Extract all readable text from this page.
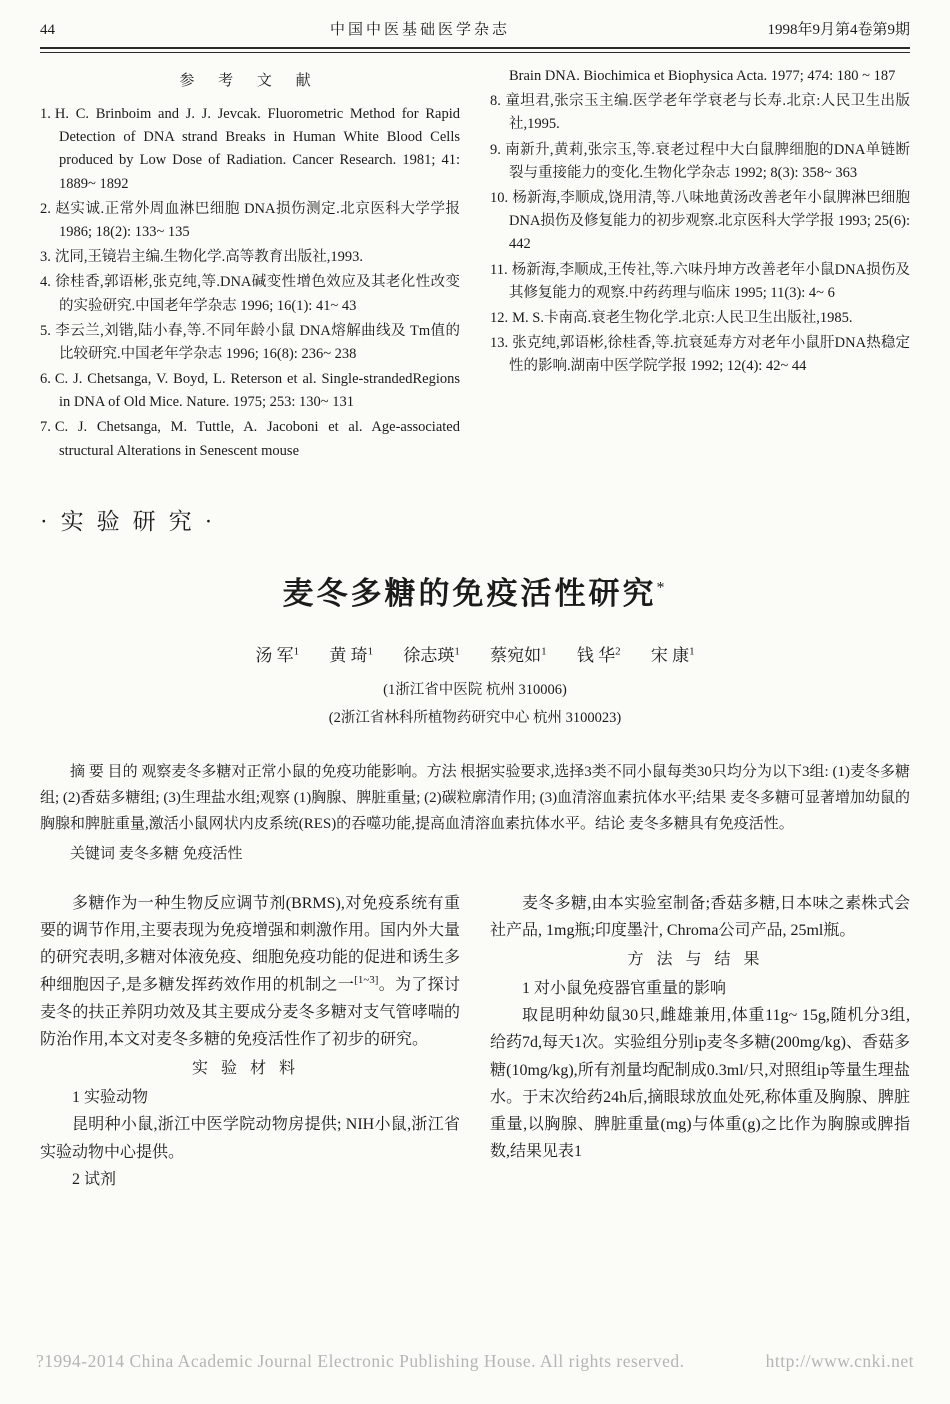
44	中国中医基础医学杂志	1998年9月第4卷第9期
参 考 文 献
1. H. C. Brinboim and J. J. Jevcak. Fluorometric Method for Rapid Detection of DNA strand Breaks in Human White Blood Cells produced by Low Dose of Radiation. Cancer Research. 1981; 41: 1889~ 1892
2. 赵实诚.正常外周血淋巴细胞 DNA损伤测定.北京医科大学学报 1986; 18(2): 133~ 135
3. 沈同,王镜岩主编.生物化学.高等教育出版社,1993.
4. 徐桂香,郭语彬,张克纯,等.DNA碱变性增色效应及其老化性改变的实验研究.中国老年学杂志 1996; 16(1): 41~ 43
5. 李云兰,刘锴,陆小春,等.不同年龄小鼠 DNA熔解曲线及 Tm值的比较研究.中国老年学杂志 1996; 16(8): 236~ 238
6. C. J. Chetsanga, V. Boyd, L. Reterson et al. Single-strandedRegions in DNA of Old Mice. Nature. 1975; 253: 130~ 131
7. C. J. Chetsanga, M. Tuttle, A. Jacoboni et al. Age-associated structural Alterations in Senescent mouse
Brain DNA. Biochimica et Biophysica Acta. 1977; 474: 180 ~ 187
8. 童坦君,张宗玉主编.医学老年学衰老与长寿.北京:人民卫生出版社,1995.
9. 南新升,黄莉,张宗玉,等.衰老过程中大白鼠脾细胞的DNA单链断裂与重接能力的变化.生物化学杂志 1992; 8(3): 358~ 363
10. 杨新海,李顺成,饶用清,等.八味地黄汤改善老年小鼠脾淋巴细胞 DNA损伤及修复能力的初步观察.北京医科大学学报 1993; 25(6): 442
11. 杨新海,李顺成,王传社,等.六味丹坤方改善老年小鼠DNA损伤及其修复能力的观察.中药药理与临床 1995; 11(3): 4~ 6
12. M. S.卡南高.衰老生物化学.北京:人民卫生出版社,1985.
13. 张克纯,郭语彬,徐桂香,等.抗衰延寿方对老年小鼠肝DNA热稳定性的影响.湖南中医学院学报 1992; 12(4): 42~ 44
·实验研究·
麦冬多糖的免疫活性研究*
汤 军$^1$ 黄 琦$^1$ 徐志瑛$^1$ 蔡宛如$^1$ 钱 华$^2$ 宋 康$^1$
(1浙江省中医院 杭州 310006)
(2浙江省林科所植物药研究中心 杭州 3100023)

摘 要 目的 观察麦冬多糖对正常小鼠的免疫功能影响。方法 根据实验要求,选择3类不同小鼠每类30只均分为以下3组: (1)麦冬多糖组; (2)香菇多糖组; (3)生理盐水组;观察 (1)胸腺、脾脏重量; (2)碳粒廓清作用; (3)血清溶血素抗体水平;结果 麦冬多糖可显著增加幼鼠的胸腺和脾脏重量,激活小鼠网状内皮系统(RES)的吞噬功能,提高血清溶血素抗体水平。结论 麦冬多糖具有免疫活性。

关键词 麦冬多糖 免疫活性

多糖作为一种生物反应调节剂(BRMS),对免疫系统有重要的调节作用,主要表现为免疫增强和刺激作用。国内外大量的研究表明,多糖对体液免疫、细胞免疫功能的促进和诱生多种细胞因子,是多糖发挥药效作用的机制之一[1~3]。为了探讨麦冬的扶正养阴功效及其主要成分麦冬多糖对支气管哮喘的防治作用,本文对麦冬多糖的免疫活性作了初步的研究。

实验材料

1 实验动物

昆明种小鼠,浙江中医学院动物房提供; NIH小鼠,浙江省实验动物中心提供。

2 试剂

麦冬多糖,由本实验室制备;香菇多糖,日本味之素株式会社产品, 1mg瓶;印度墨汁, Chroma公司产品, 25ml瓶。

方法与结果

1 对小鼠免疫器官重量的影响

取昆明种幼鼠30只,雌雄兼用,体重11g~ 15g,随机分3组,给药7d,每天1次。实验组分别ip麦冬多糖(200mg/kg)、香菇多糖(10mg/kg),所有剂量均配制成0.3ml/只,对照组ip等量生理盐水。于末次给药24h后,摘眼球放血处死,称体重及胸腺、脾脏重量,以胸腺、脾脏重量(mg)与体重(g)之比作为胸腺或脾指数,结果见表1

?1994-2014 China Academic Journal Electronic Publishing House. All rights reserved.	http://www.cnki.net
